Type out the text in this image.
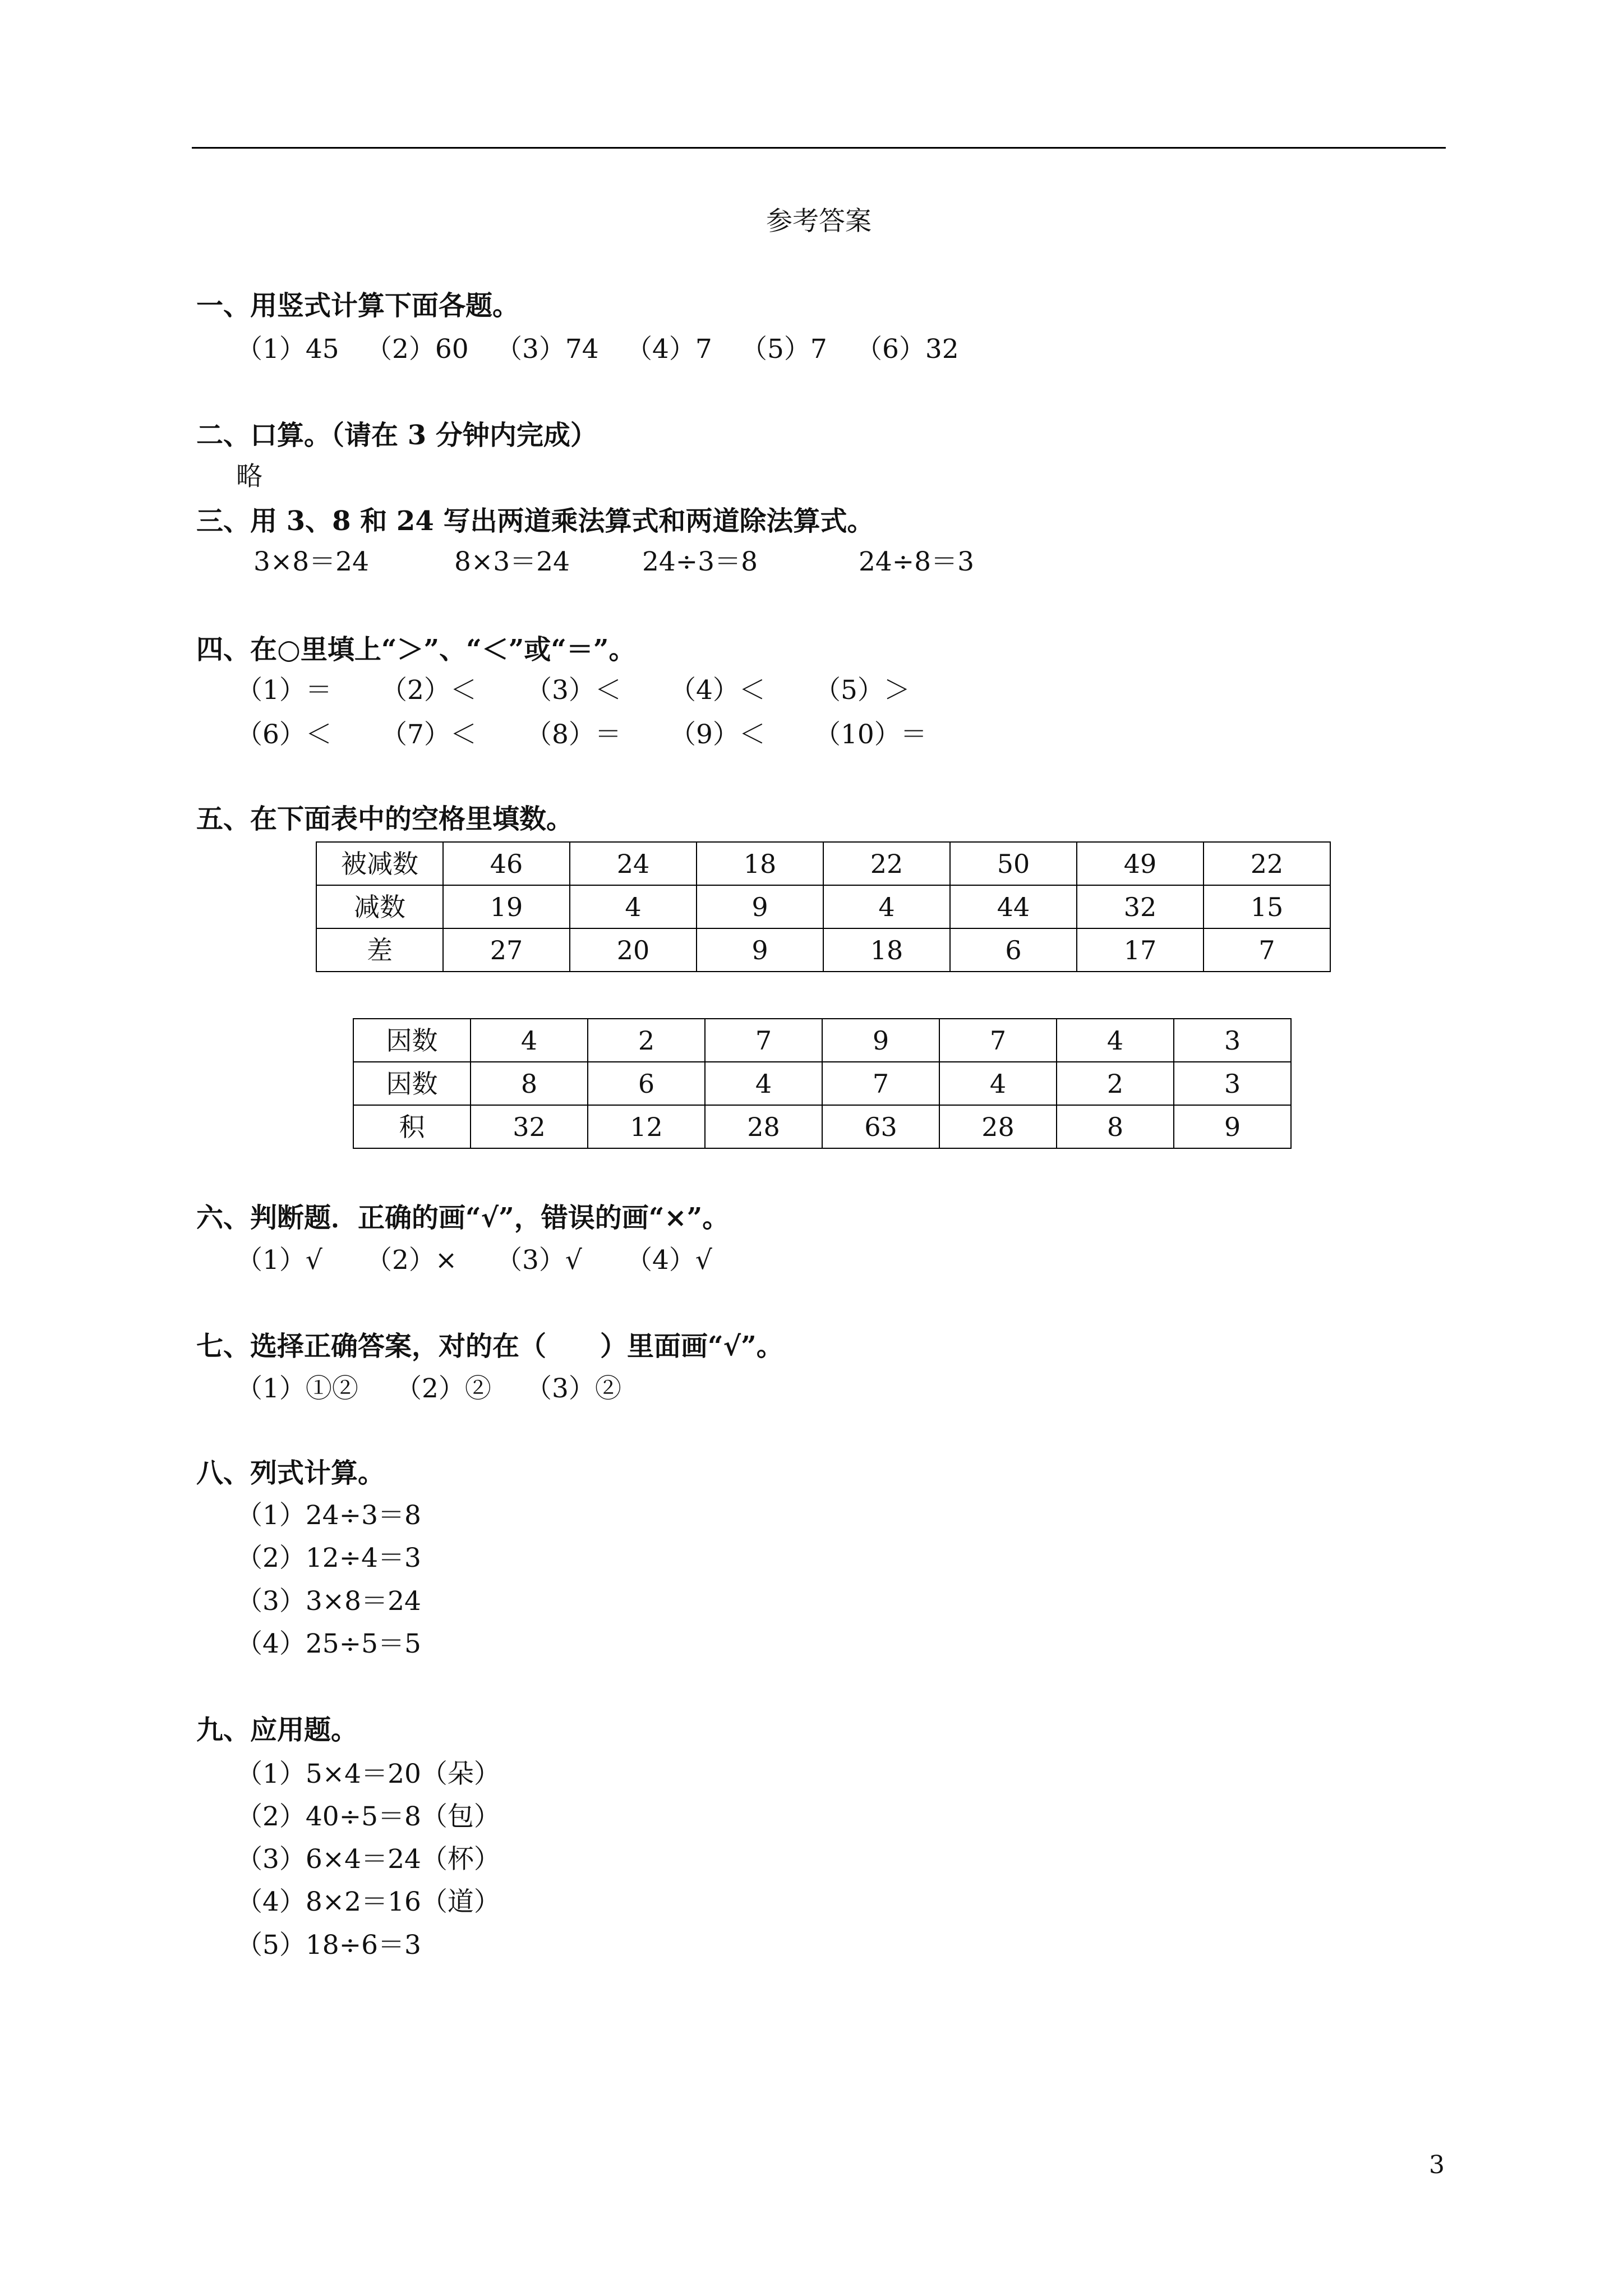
参考答案
一、用竖式计算下面各题。
（1）45 （2）60 （3）74 （4）7 （5）7 （6）32
二、口算。（请在 3 分钟内完成）
略
三、用 3、8 和 24 写出两道乘法算式和两道除法算式。
3×8＝24	8×3＝24	24÷3＝8	24÷8＝3
四、在○里填上“＞”、“＜”或“＝”。
（1）＝ （2）＜ （3）＜ （4）＜ （5）＞
（6）＜ （7）＜ （8）＝ （9）＜ （10）＝
五、在下面表中的空格里填数。
被减数	46	24	18	22	50	49	22
减数	19	4	9	4	44	32	15
差	27	20	9	18	6	17	7
因数	4	2	7	9	7	4	3
因数	8	6	4	7	4	2	3
积	32	12	28	63	28	8	9
六、判断题．正确的画“√”，错误的画“×”。
（1）√ （2）× （3）√ （4）√
七、选择正确答案，对的在（　　）里面画“√”。
（1）①② （2）② （3）②
八、列式计算。
（1）24÷3＝8
（2）12÷4＝3
（3）3×8＝24
（4）25÷5＝5
九、应用题。
（1）5×4＝20（朵）
（2）40÷5＝8（包）
（3）6×4＝24（杯）
（4）8×2＝16（道）
（5）18÷6＝3
3
